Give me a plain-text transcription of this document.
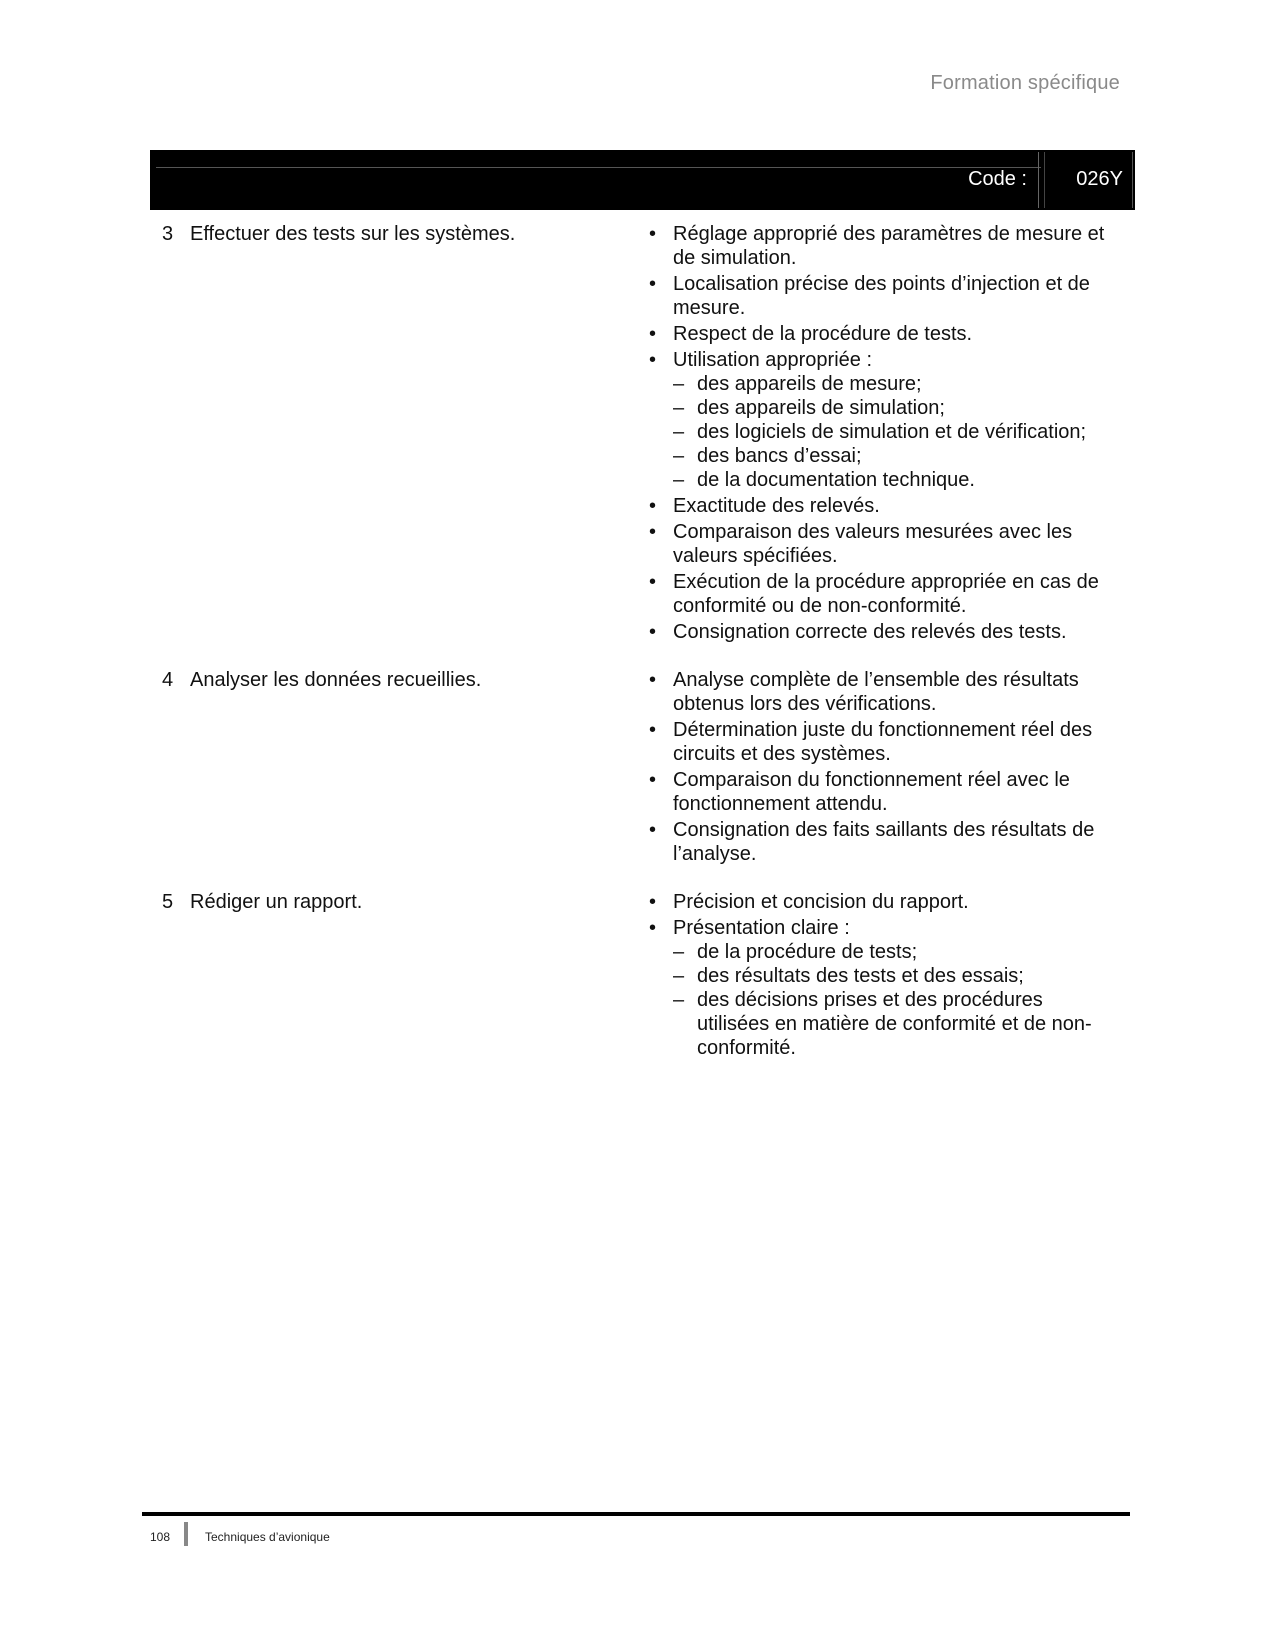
Formation spécifique
Code : 026Y
3 Effectuer des tests sur les systèmes.	• Réglage approprié des paramètres de mesure et de simulation.
• Localisation précise des points d’injection et de mesure.
• Respect de la procédure de tests.
• Utilisation appropriée :
– des appareils de mesure;
– des appareils de simulation;
– des logiciels de simulation et de vérification;
– des bancs d’essai;
– de la documentation technique.
• Exactitude des relevés.
• Comparaison des valeurs mesurées avec les valeurs spécifiées.
• Exécution de la procédure appropriée en cas de conformité ou de non-conformité.
• Consignation correcte des relevés des tests.
4 Analyser les données recueillies.	• Analyse complète de l’ensemble des résultats obtenus lors des vérifications.
• Détermination juste du fonctionnement réel des circuits et des systèmes.
• Comparaison du fonctionnement réel avec le fonctionnement attendu.
• Consignation des faits saillants des résultats de l’analyse.
5 Rédiger un rapport.	• Précision et concision du rapport.
• Présentation claire :
– de la procédure de tests;
– des résultats des tests et des essais;
– des décisions prises et des procédures utilisées en matière de conformité et de non-conformité.
108	Techniques d’avionique
